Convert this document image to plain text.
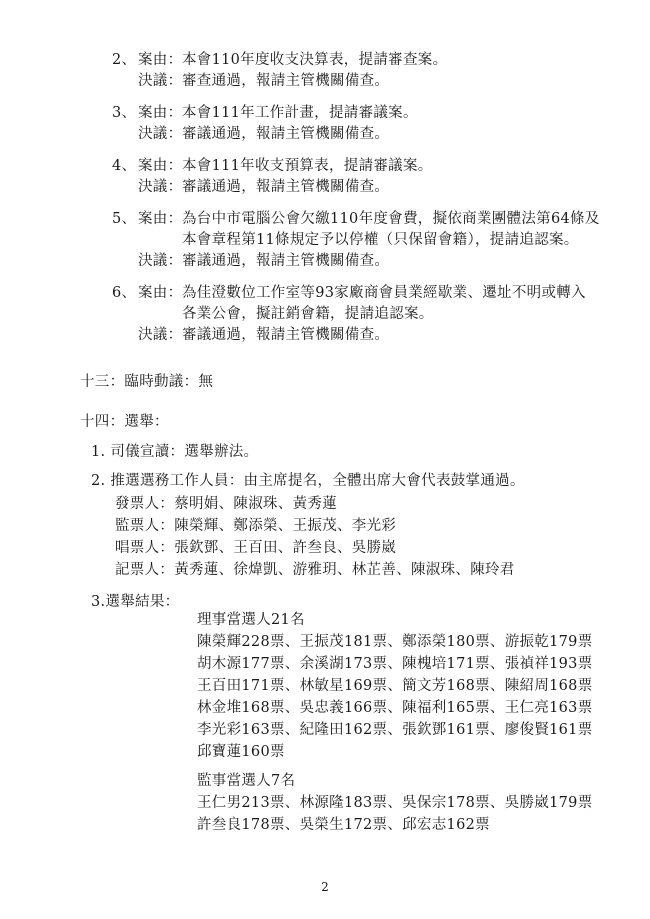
2、 案由： 本會110年度收支決算表，提請審查案。
決議： 審查通過，報請主管機關備查。
3、 案由： 本會111年工作計畫，提請審議案。
決議： 審議通過，報請主管機關備查。
4、 案由： 本會111年收支預算表，提請審議案。
決議： 審議通過，報請主管機關備查。
5、 案由： 為台中市電腦公會欠繳110年度會費，擬依商業團體法第64條及
本會章程第11條規定予以停權（只保留會籍），提請追認案。
決議： 審議通過，報請主管機關備查。
6、 案由： 為佳澄數位工作室等93家廠商會員業經歇業、遷址不明或轉入
各業公會，擬註銷會籍，提請追認案。
決議： 審議通過，報請主管機關備查。
十三：臨時動議：無
十四：選舉：
1. 司儀宣讀：選舉辦法。
2. 推選選務工作人員：由主席提名，全體出席大會代表鼓掌通過。
發票人：蔡明娟、陳淑珠、黃秀蓮
監票人：陳榮輝、鄭添榮、王振茂、李光彩
唱票人：張欽鄧、王百田、許叁良、吳勝崴
記票人：黃秀蓮、徐煒凱、游雅玥、林芷善、陳淑珠、陳玲君
3.選舉結果：
理事當選人21名
陳榮輝228票、王振茂181票、鄭添榮180票、游振乾179票
胡木源177票、余溪湖173票、陳槐培171票、張禎祥193票
王百田171票、林敏星169票、簡文芳168票、陳紹周168票
林金堆168票、吳忠義166票、陳福利165票、王仁亮163票
李光彩163票、紀隆田162票、張欽鄧161票、廖俊賢161票
邱寶蓮160票
監事當選人7名
王仁男213票、林源隆183票、吳保宗178票、吳勝崴179票
許叁良178票、吳榮生172票、邱宏志162票
2
